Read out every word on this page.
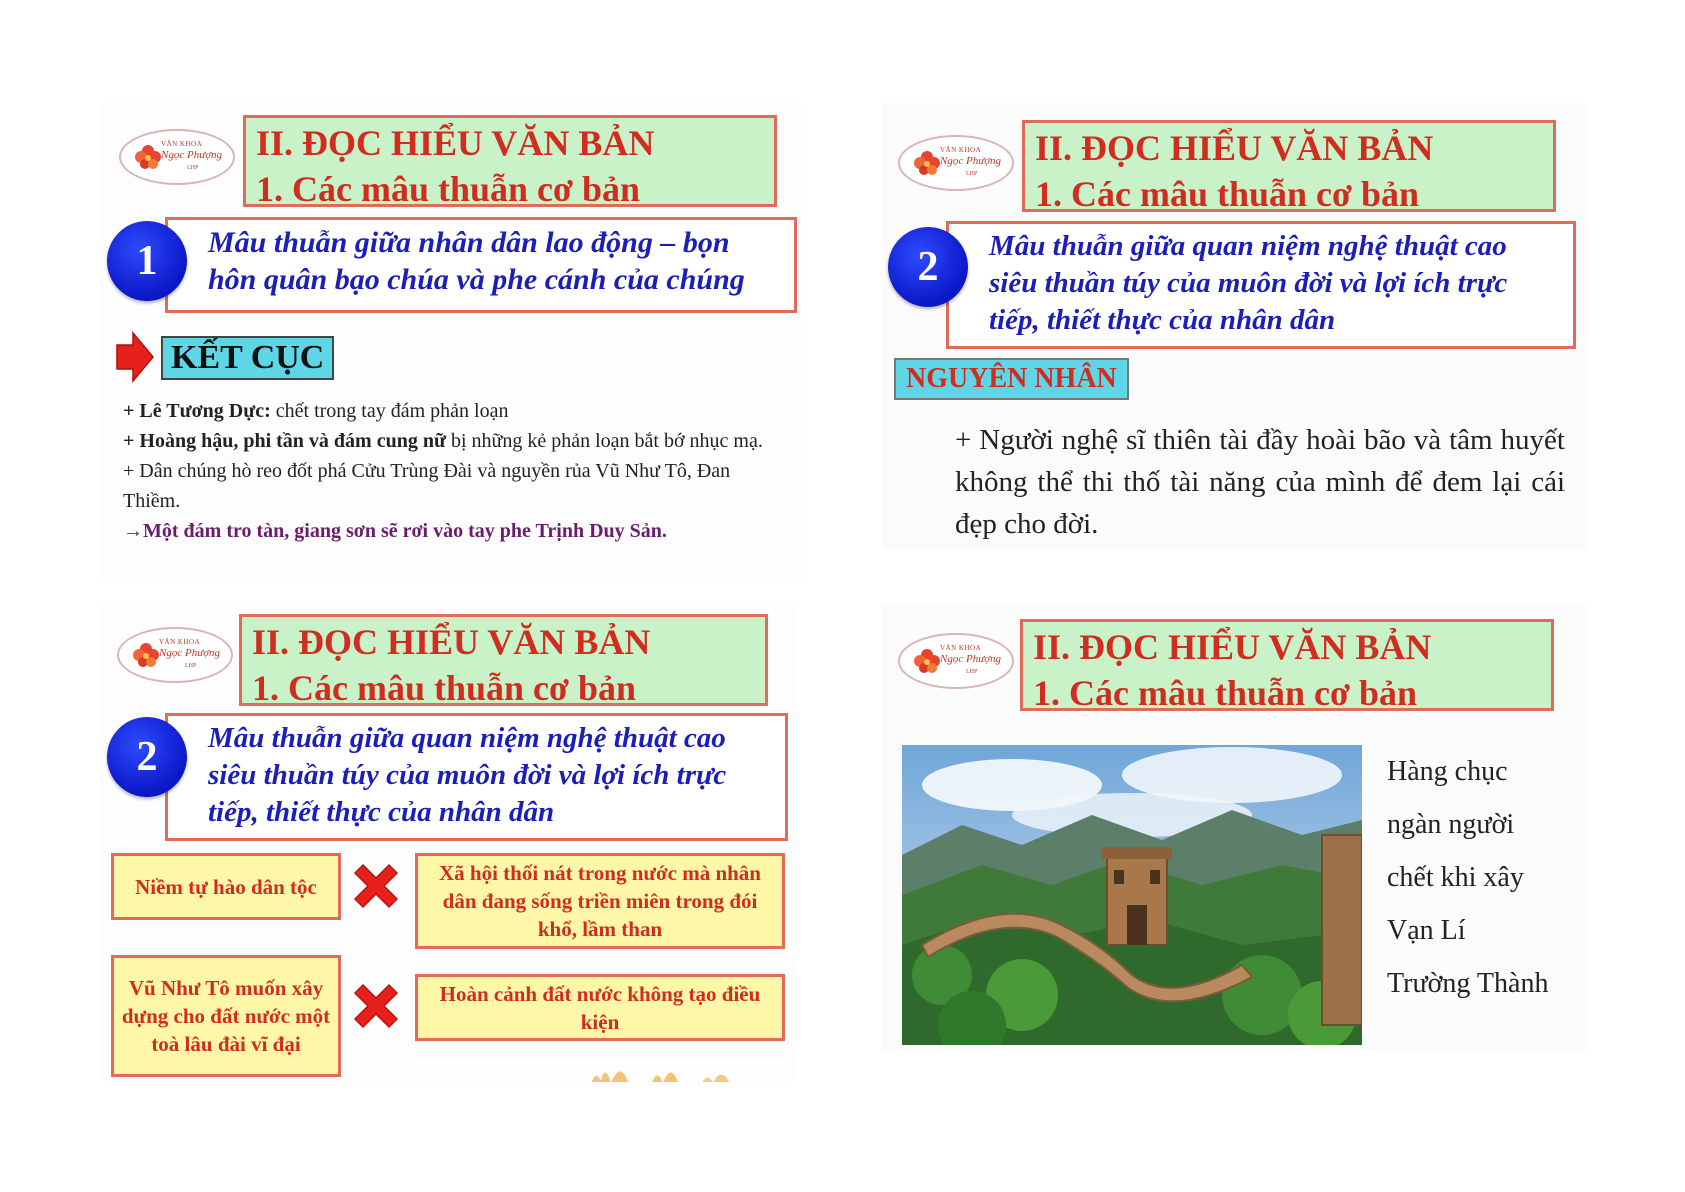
VĂN KHOA
Ngọc Phượng
LHP
II. ĐỌC HIỂU VĂN BẢN
1. Các mâu thuẫn cơ bản
Mâu thuẫn giữa nhân dân lao động – bọn hôn quân bạo chúa và phe cánh của chúng
1
KẾT CỤC

+ Lê Tương Dực: chết trong tay đám phản loạn

+ Hoàng hậu, phi tần và đám cung nữ bị những kẻ phản loạn bắt bớ nhục mạ.

+ Dân chúng hò reo đốt phá Cửu Trùng Đài và nguyền rủa Vũ Như Tô, Đan Thiềm.

→Một đám tro tàn, giang sơn sẽ rơi vào tay phe Trịnh Duy Sản.

VĂN KHOA
Ngọc Phượng
LHP
II. ĐỌC HIỂU VĂN BẢN
1. Các mâu thuẫn cơ bản
Mâu thuẫn giữa quan niệm nghệ thuật cao siêu thuần túy của muôn đời và lợi ích trực tiếp, thiết thực của nhân dân
2
NGUYÊN NHÂN
+ Người nghệ sĩ thiên tài đầy hoài bão và tâm huyết không thể thi thố tài năng của mình để đem lại cái đẹp cho đời.
VĂN KHOA
Ngọc Phượng
LHP
II. ĐỌC HIỂU VĂN BẢN
1. Các mâu thuẫn cơ bản
Mâu thuẫn giữa quan niệm nghệ thuật cao siêu thuần túy của muôn đời và lợi ích trực tiếp, thiết thực của nhân dân
2
Niềm tự hào dân tộc
Xã hội thối nát trong nước mà nhân dân đang sống triền miên trong đói khổ, lầm than
Vũ Như Tô muốn xây dựng cho đất nước một toà lâu đài vĩ đại
Hoàn cảnh đất nước không tạo điều kiện
VĂN KHOA
Ngọc Phượng
LHP
II. ĐỌC HIỂU VĂN BẢN
1. Các mâu thuẫn cơ bản

Hàng chục

ngàn người

chết khi xây

Vạn Lí

Trường Thành
